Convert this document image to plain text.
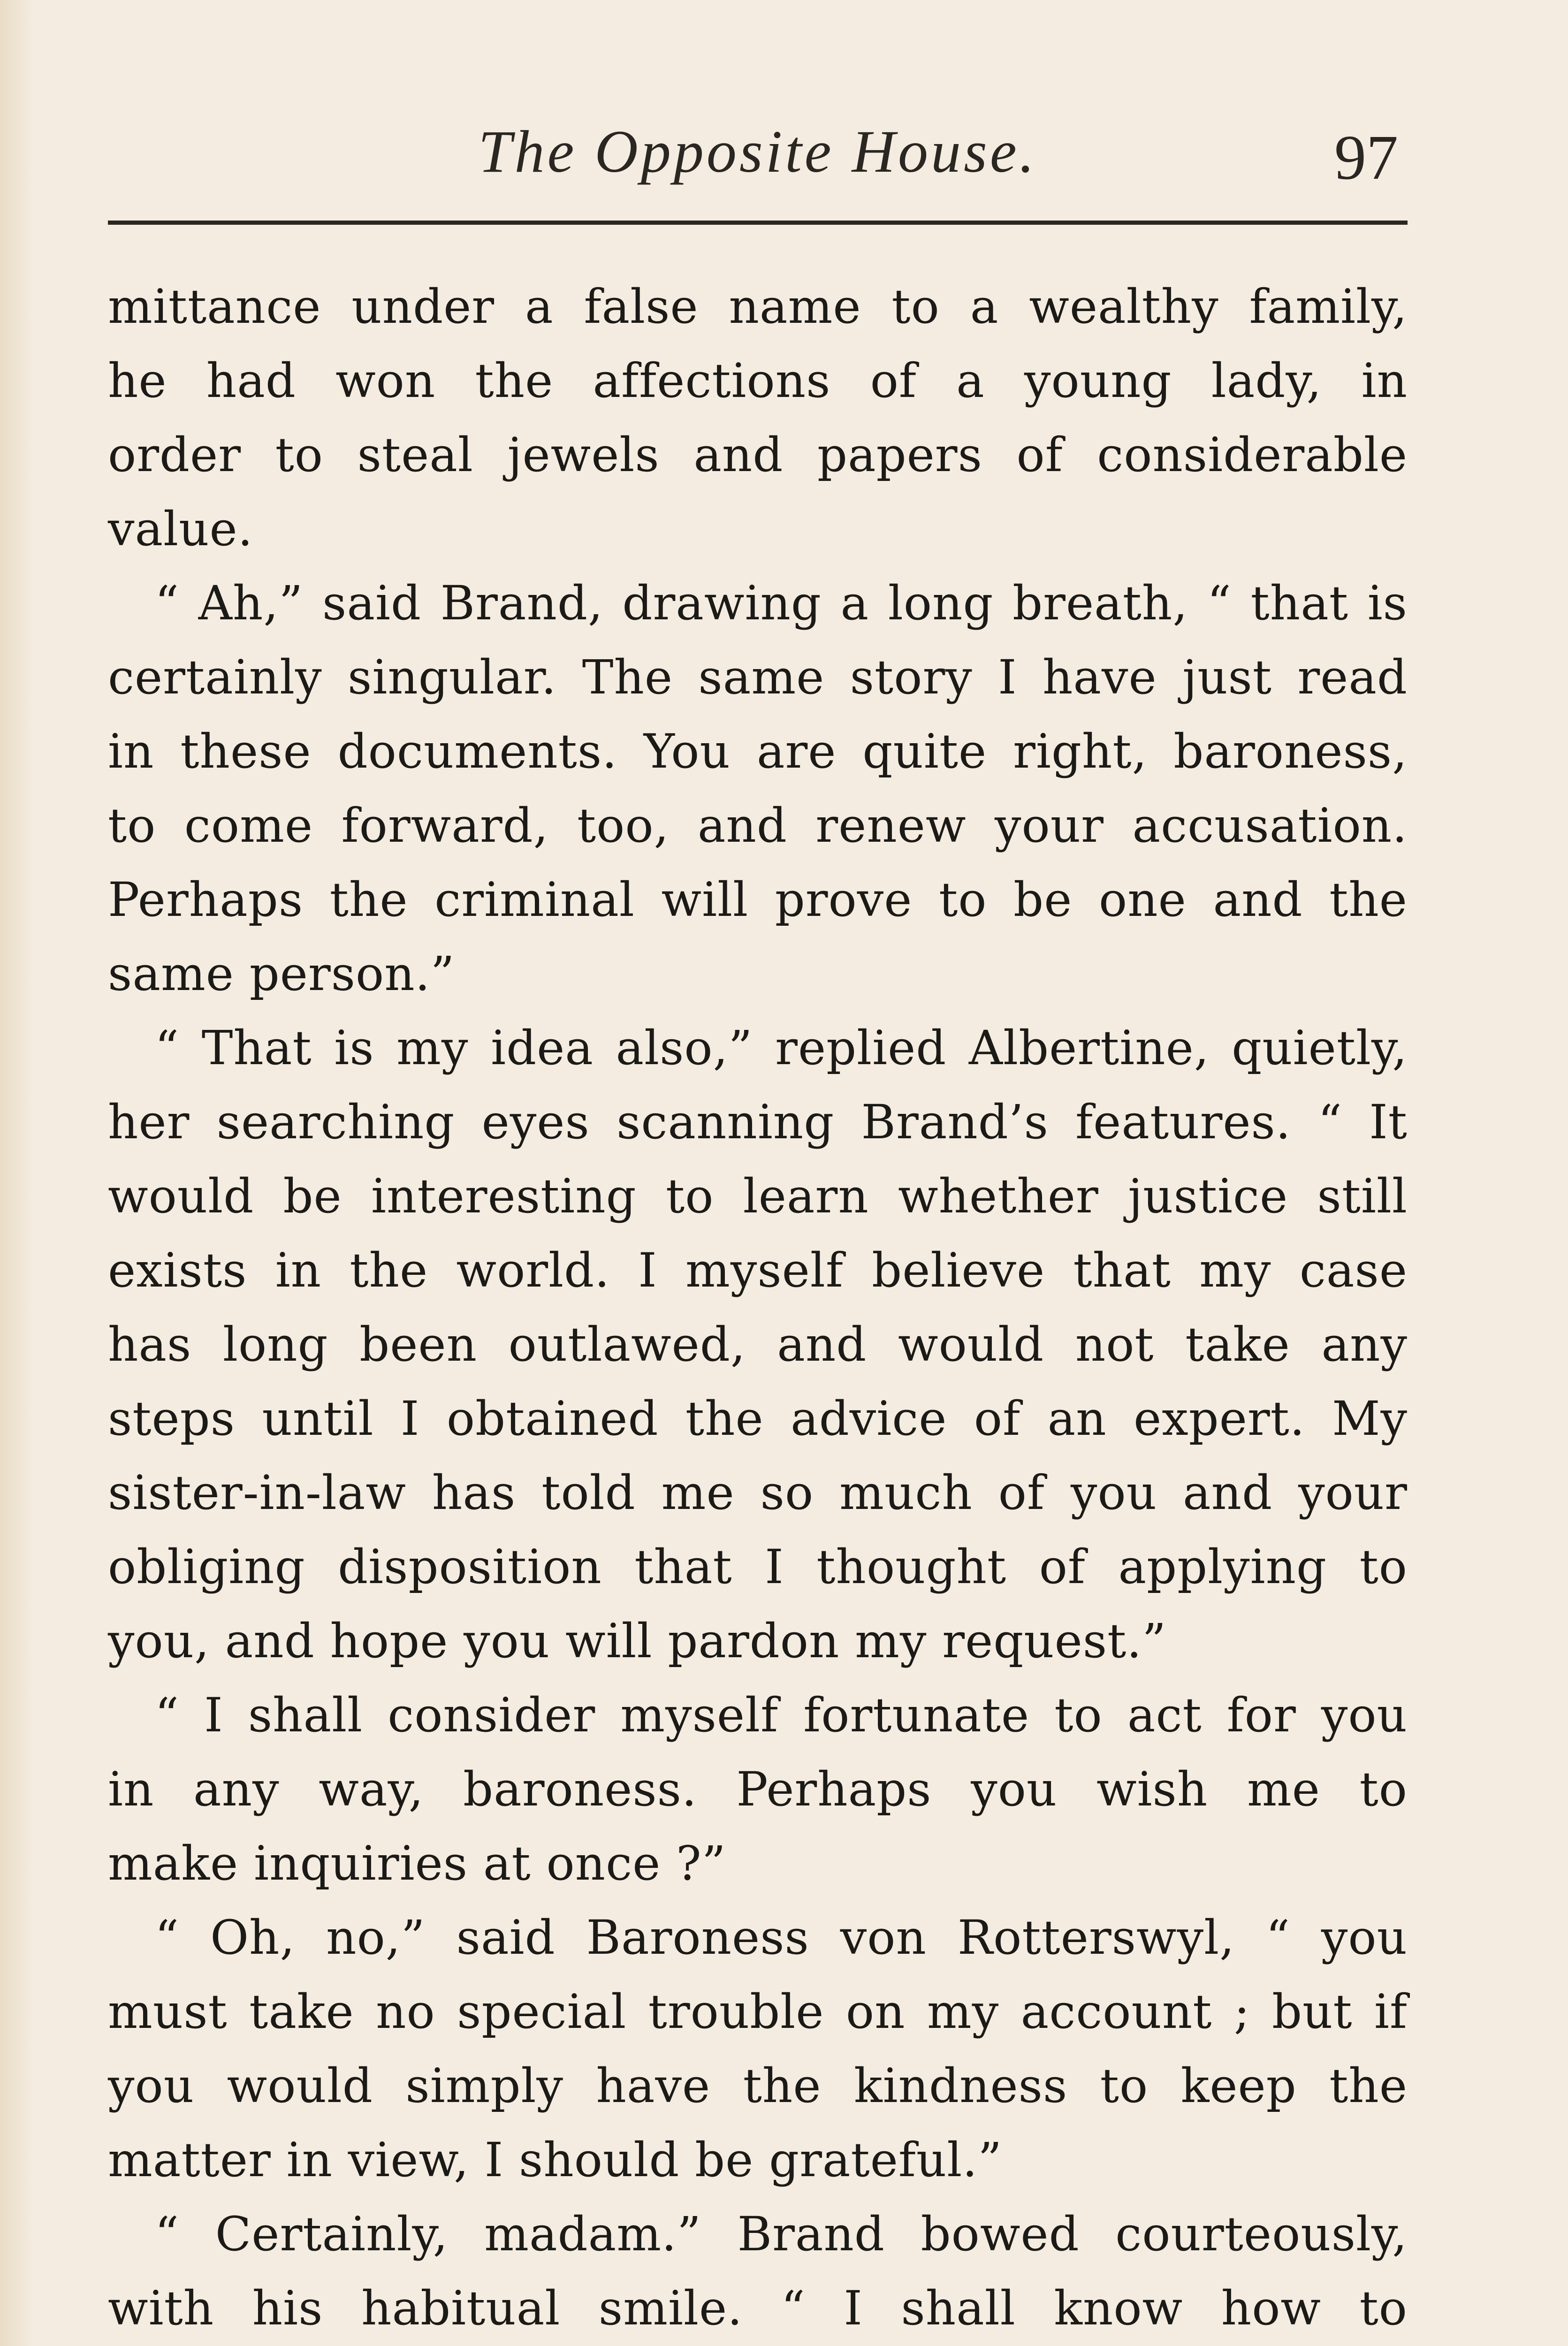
The Opposite House.	97
mittance under a false name to a wealthy family,
he had won the affections of a young lady, in
order to steal jewels and papers of considerable
value.
“ Ah,” said Brand, drawing a long breath, “ that is
certainly singular. The same story I have just read
in these documents. You are quite right, baroness,
to come forward, too, and renew your accusation.
Perhaps the criminal will prove to be one and the
same person.”
“ That is my idea also,” replied Albertine, quietly,
her searching eyes scanning Brand’s features. “ It
would be interesting to learn whether justice still
exists in the world. I myself believe that my case
has long been outlawed, and would not take any
steps until I obtained the advice of an expert. My
sister-in-law has told me so much of you and your
obliging disposition that I thought of applying to
you, and hope you will pardon my request.”
“ I shall consider myself fortunate to act for you
in any way, baroness. Perhaps you wish me to
make inquiries at once ?”
“ Oh, no,” said Baroness von Rotterswyl, “ you
must take no special trouble on my account ; but if
you would simply have the kindness to keep the
matter in view, I should be grateful.”
“ Certainly, madam.” Brand bowed courteously,
with his habitual smile. “ I shall know how to
